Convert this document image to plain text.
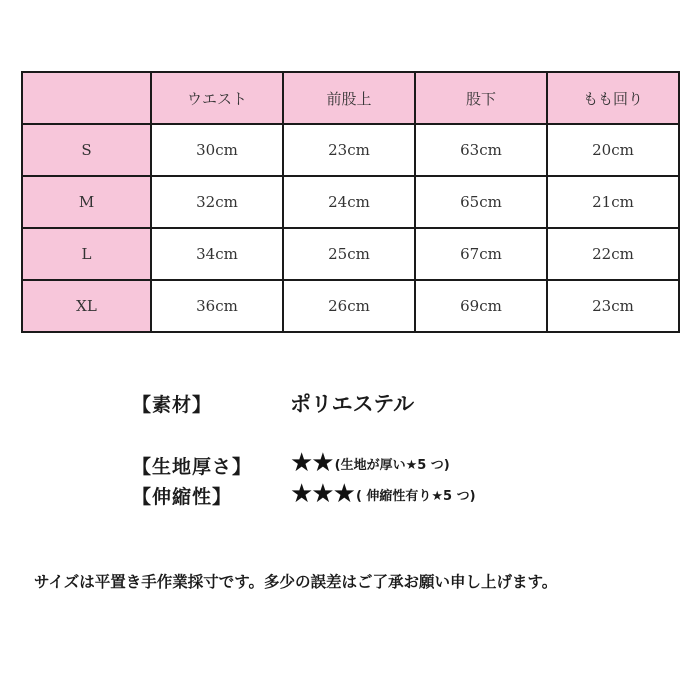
	ウエスト	前股上	股下	もも回り
S	30cm	23cm	63cm	20cm
M	32cm	24cm	65cm	21cm
L	34cm	25cm	67cm	22cm
XL	36cm	26cm	69cm	23cm
【素材】	ポリエステル
【生地厚さ】 ★★ (生地が厚い★5 つ)
【伸縮性】 ★★★ ( 伸縮性有り★5 つ)
サイズは平置き手作業採寸です。多少の誤差はご了承お願い申し上げます。
